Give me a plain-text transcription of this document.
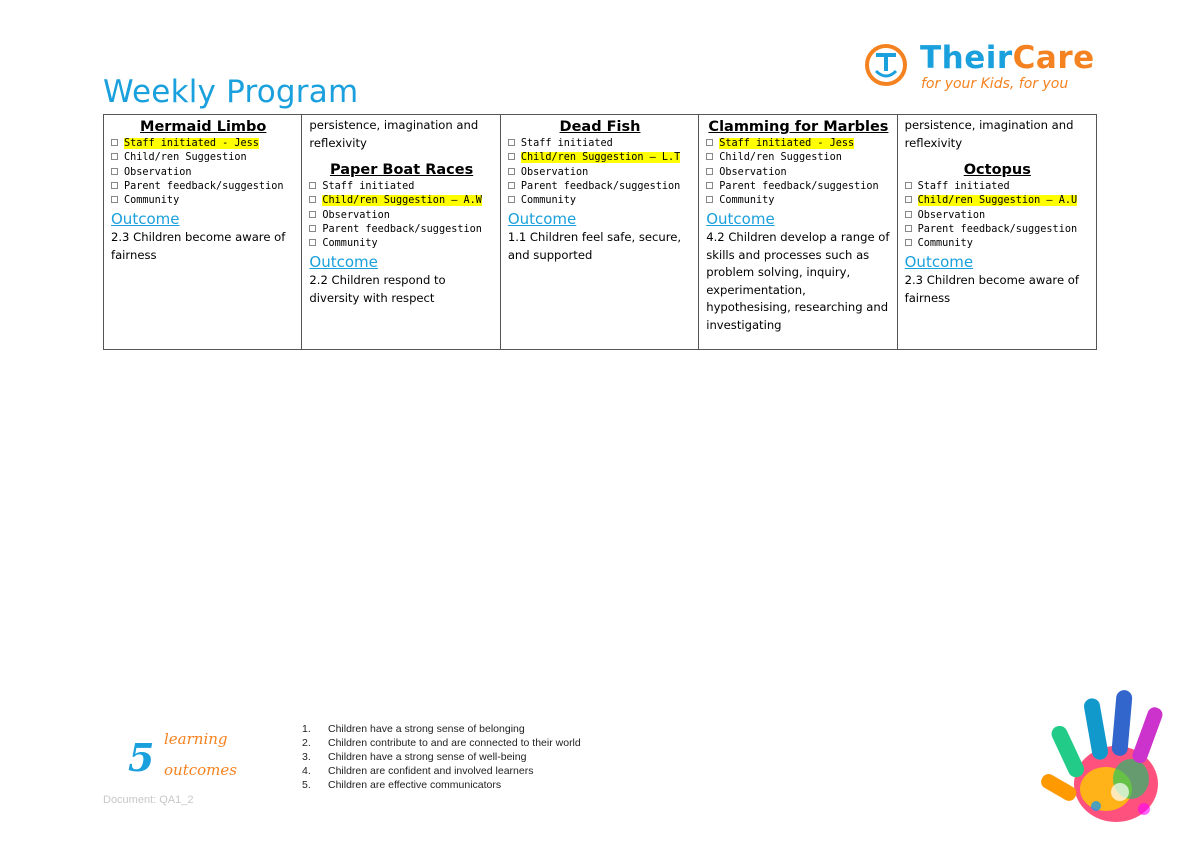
Weekly Program
TheirCare
for your Kids, for you
Mermaid Limbo
Staff initiated - Jess
Child/ren Suggestion
Observation
Parent feedback/suggestion
Community
Outcome
2.3 Children become aware of fairness
persistence, imagination and reflexivity
Paper Boat Races
Staff initiated
Child/ren Suggestion – A.W
Observation
Parent feedback/suggestion
Community
Outcome
2.2 Children respond to diversity with respect
Dead Fish
Staff initiated
Child/ren Suggestion – L.T
Observation
Parent feedback/suggestion
Community
Outcome
1.1 Children feel safe, secure, and supported
Clamming for Marbles
Staff initiated - Jess
Child/ren Suggestion
Observation
Parent feedback/suggestion
Community
Outcome
4.2 Children develop a range of skills and processes such as problem solving, inquiry, experimentation, hypothesising, researching and investigating
persistence, imagination and reflexivity
Octopus
Staff initiated
Child/ren Suggestion – A.U
Observation
Parent feedback/suggestion
Community
Outcome
2.3 Children become aware of fairness
5 learning
outcomes
1.	Children have a strong sense of belonging
2.	Children contribute to and are connected to their world
3.	Children have a strong sense of well-being
4.	Children are confident and involved learners
5.	Children are effective communicators
Document: QA1_2
